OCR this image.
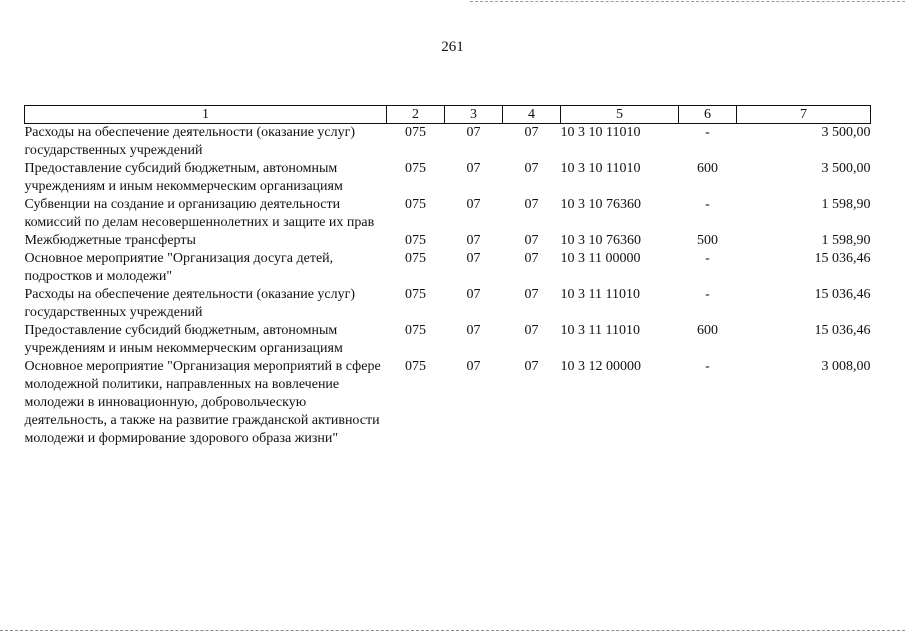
261
1	2	3	4	5	6	7
Расходы на обеспечение деятельности (оказание услуг) государственных учреждений	075	07	07	10 3 10 11010	-	3 500,00
Предоставление субсидий бюджетным, автономным учреждениям и иным некоммерческим организациям	075	07	07	10 3 10 11010	600	3 500,00
Субвенции на создание и организацию деятельности комиссий по делам несовершеннолетних и защите их прав	075	07	07	10 3 10 76360	-	1 598,90
Межбюджетные трансферты	075	07	07	10 3 10 76360	500	1 598,90
Основное мероприятие "Организация досуга детей, подростков и молодежи"	075	07	07	10 3 11 00000	-	15 036,46
Расходы на обеспечение деятельности (оказание услуг) государственных учреждений	075	07	07	10 3 11 11010	-	15 036,46
Предоставление субсидий бюджетным, автономным учреждениям и иным некоммерческим организациям	075	07	07	10 3 11 11010	600	15 036,46
Основное мероприятие "Организация мероприятий в сфере молодежной политики, направленных на вовлечение молодежи в инновационную, добровольческую деятельность, а также на развитие гражданской активности молодежи и формирование здорового образа жизни"	075	07	07	10 3 12 00000	-	3 008,00
